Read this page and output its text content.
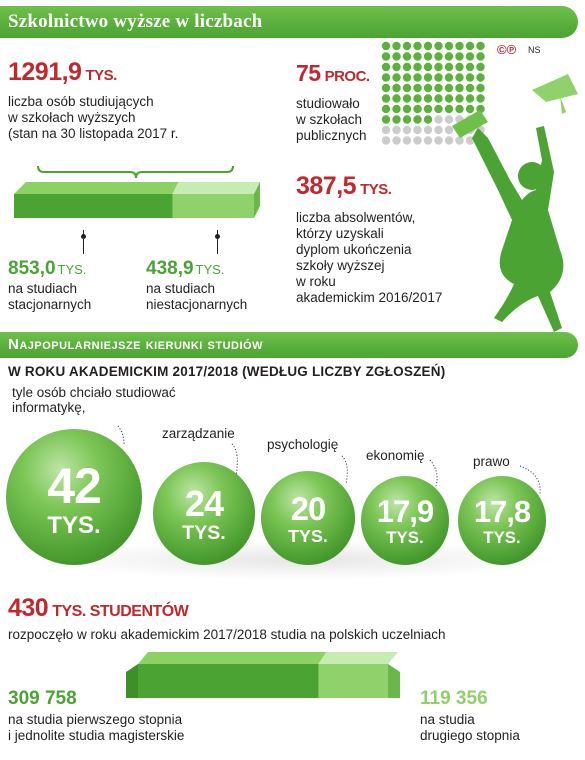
Szkolnictwo wyższe w liczbach
©℗ NS
1291,9 TYS.
liczba osób studiujących
w szkołach wyższych
(stan na 30 listopada 2017 r.
853,0 TYS.
na studiach
stacjonarnych
438,9 TYS.
na studiach
niestacjonarnych
75 PROC.
studiowało
w szkołach
publicznych
387,5 TYS.
liczba absolwentów,
którzy uzyskali
dyplom ukończenia
szkoły wyższej
w roku
akademickim 2016/2017
Najpopularniejsze kierunki studiów
W ROKU AKADEMICKIM 2017/2018 (WEDŁUG LICZBY ZGŁOSZEŃ)
tyle osób chciało studiować informatykę,
zarządzanie
psychologię
ekonomię	prawo
42
TYS.
24
TYS.
20
TYS.
17,9
TYS.
17,8
TYS.
430 TYS. STUDENTÓW
rozpoczęło w roku akademickim 2017/2018 studia na polskich uczelniach
309 758
na studia pierwszego stopnia
i jednolite studia magisterskie
119 356
na studia
drugiego stopnia
